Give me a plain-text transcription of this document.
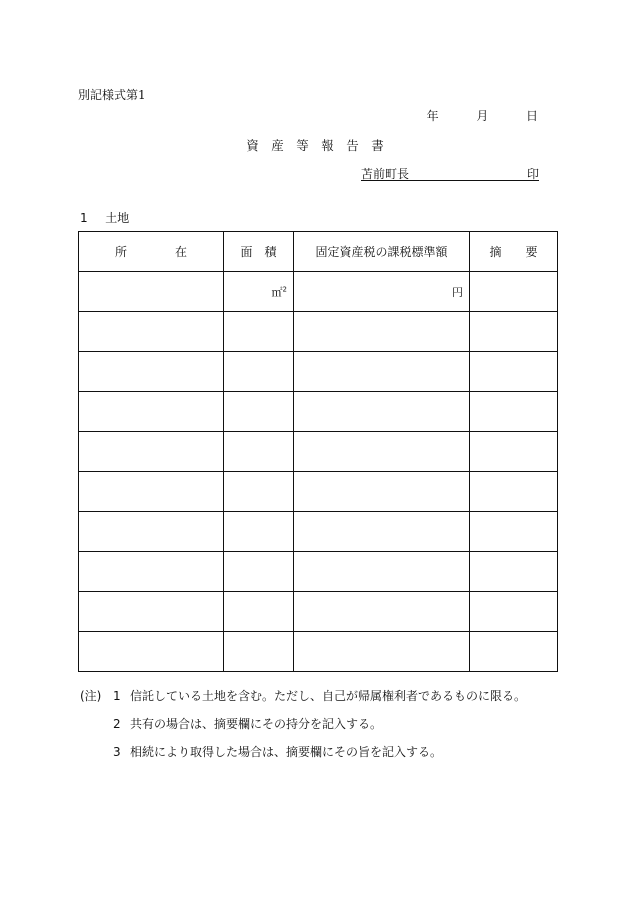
別記様式第1
年	月	日
資　産　等　報　告　書
苫前町長	印
1 土地
所　　　　在	面　積	固定資産税の課税標準額	摘　　要

	㎡$^2$	円	

(注) 1 信託している土地を含む。ただし、自己が帰属権利者であるものに限る。
2 共有の場合は、摘要欄にその持分を記入する。
3 相続により取得した場合は、摘要欄にその旨を記入する。
